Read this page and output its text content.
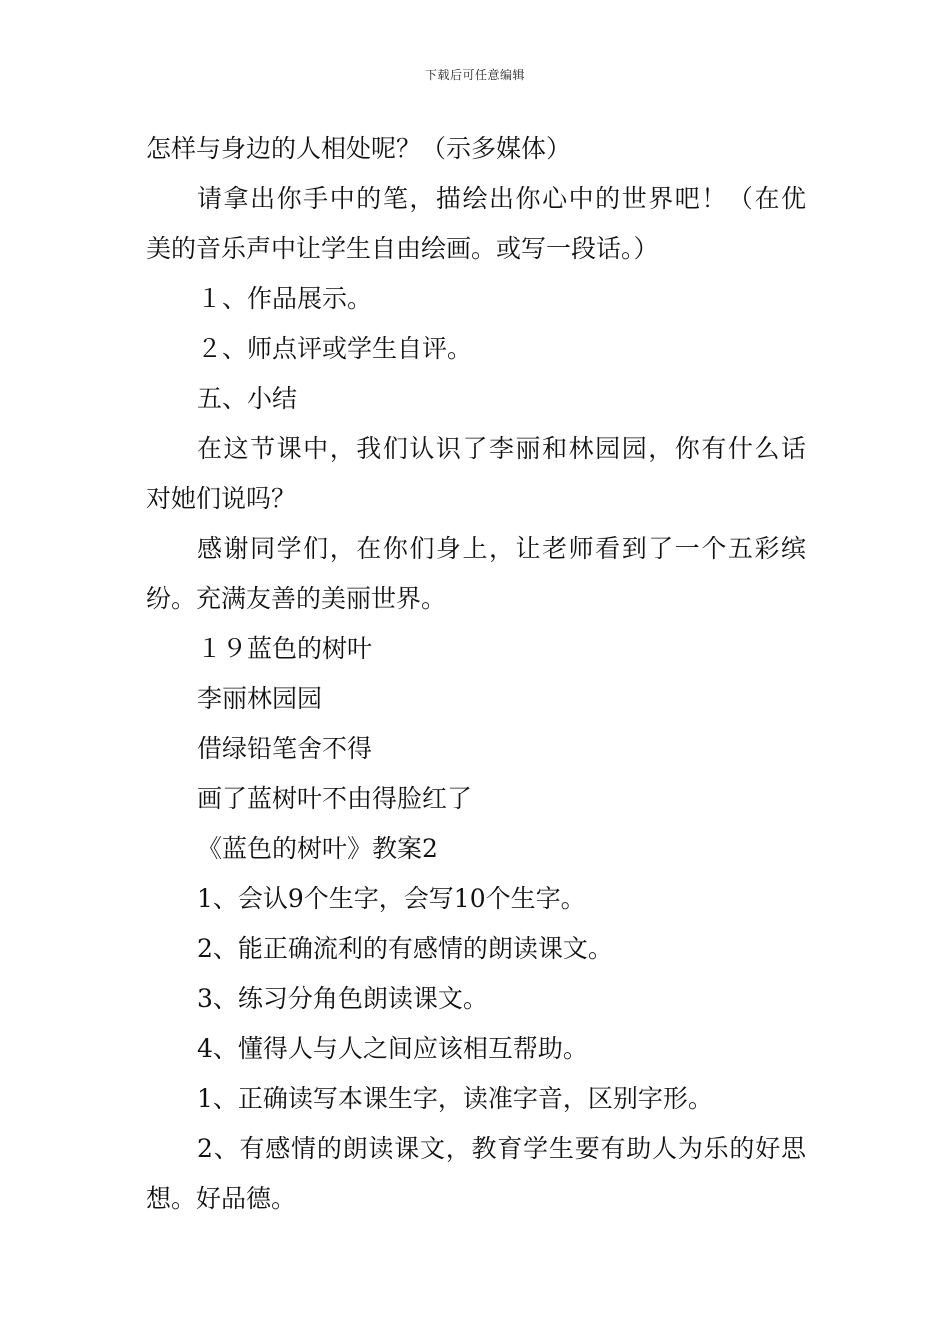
下载后可任意编辑
怎样与身边的人相处呢？（示多媒体）
请拿出你手中的笔，描绘出你心中的世界吧！（在优
美的音乐声中让学生自由绘画。或写一段话。）
１、作品展示。
２、师点评或学生自评。
五、小结
在这节课中，我们认识了李丽和林园园，你有什么话
对她们说吗？
感谢同学们，在你们身上，让老师看到了一个五彩缤
纷。充满友善的美丽世界。
１９蓝色的树叶
李丽林园园
借绿铅笔舍不得
画了蓝树叶不由得脸红了
《蓝色的树叶》教案2
1、会认9个生字，会写10个生字。
2、能正确流利的有感情的朗读课文。
3、练习分角色朗读课文。
4、懂得人与人之间应该相互帮助。
1、正确读写本课生字，读准字音，区别字形。
2、有感情的朗读课文，教育学生要有助人为乐的好思
想。好品德。
